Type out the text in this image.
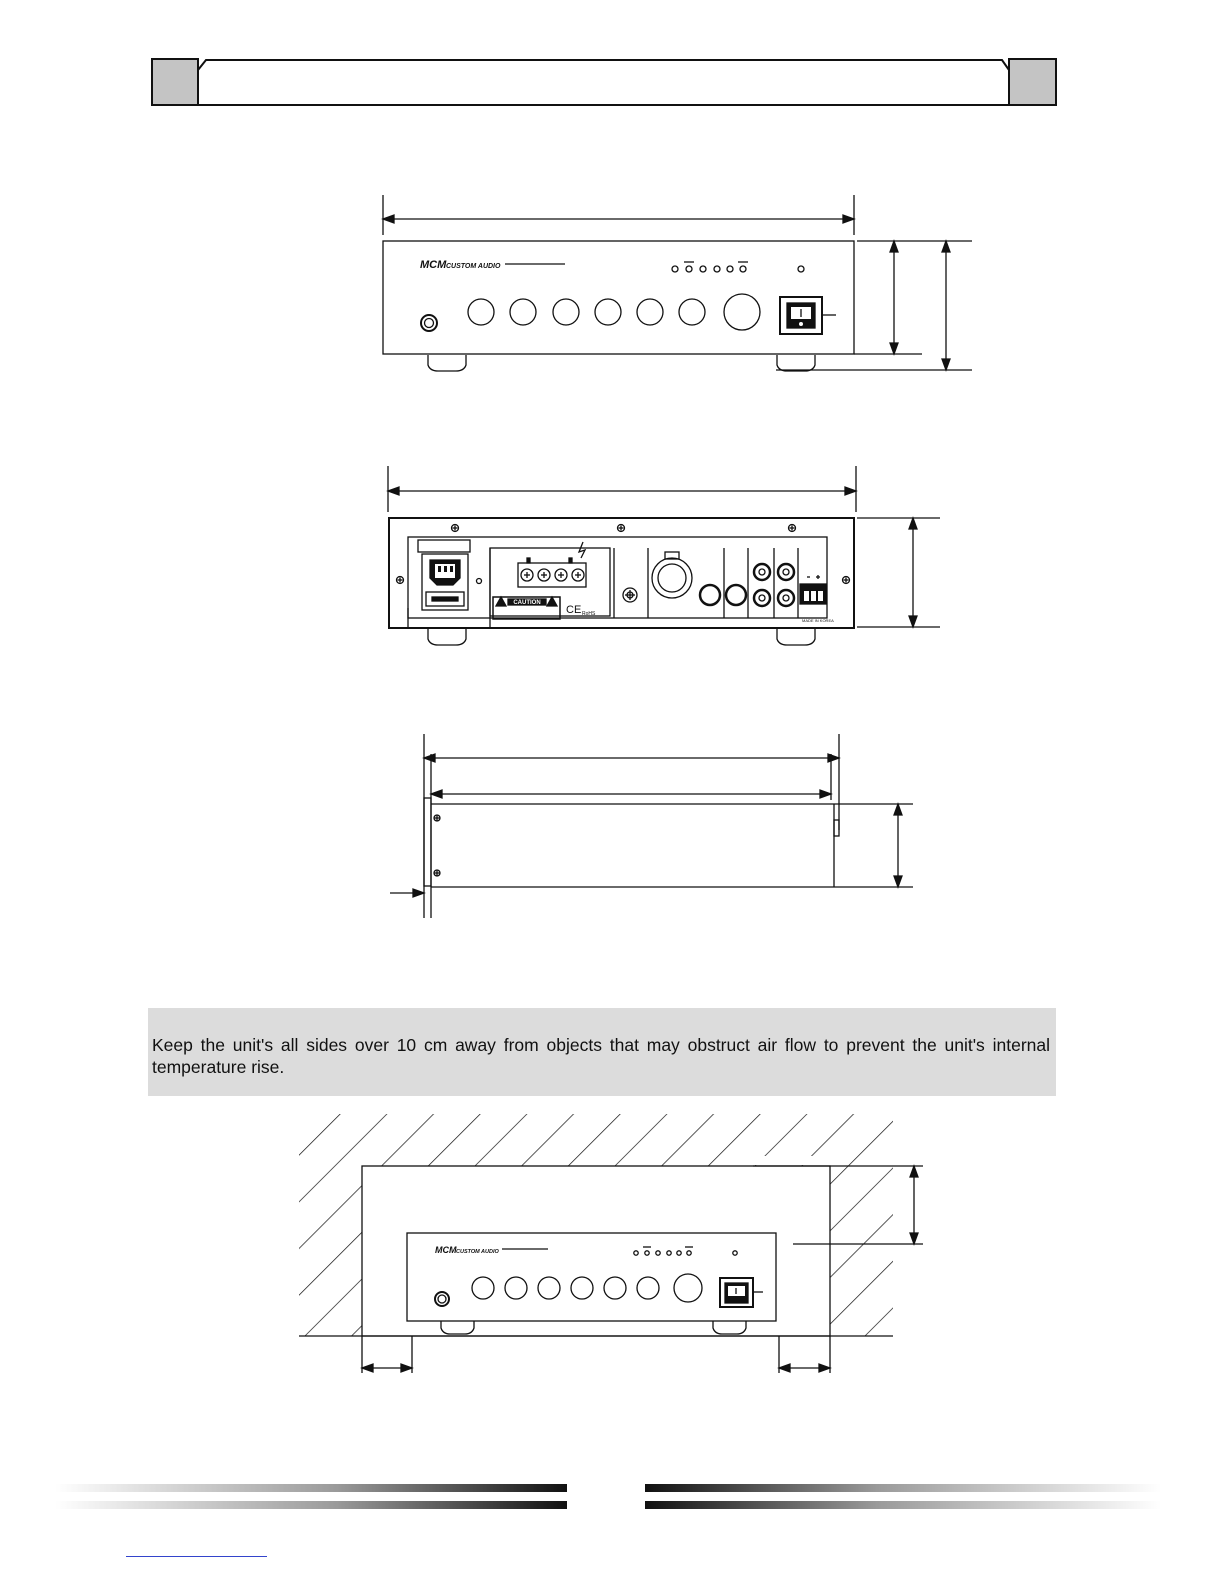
MCM CUSTOM AUDIO
CAUTION
CE RoHS
MADE IN KOREA
Keep the unit's all sides over 10 cm away from objects that may obstruct air flow to prevent the unit's internal temperature rise.
MCM CUSTOM AUDIO
